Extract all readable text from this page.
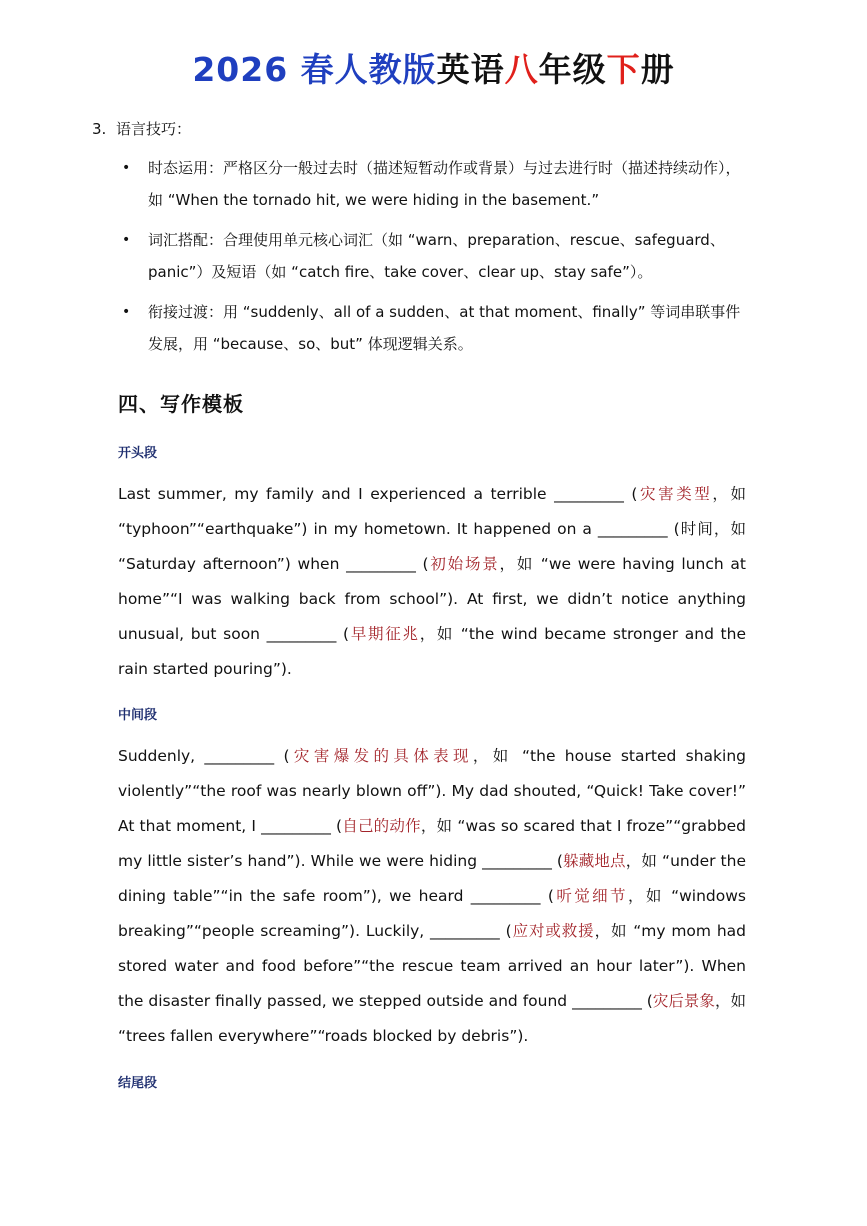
2026 春人教版英语八年级下册
3. 语言技巧：
• 时态运用：严格区分一般过去时（描述短暂动作或背景）与过去进行时（描述持续动作），如 “When the tornado hit, we were hiding in the basement.”
• 词汇搭配：合理使用单元核心词汇（如 “warn、preparation、rescue、safeguard、panic”）及短语（如 “catch fire、take cover、clear up、stay safe”）。
• 衔接过渡：用 “suddenly、all of a sudden、at that moment、finally” 等词串联事件发展，用 “because、so、but” 体现逻辑关系。
四、写作模板
开头段
Last summer, my family and I experienced a terrible _________ (灾害类型，如 “typhoon”“earthquake”) in my hometown. It happened on a _________ (时间，如 “Saturday afternoon”) when _________ (初始场景，如 “we were having lunch at home”“I was walking back from school”). At first, we didn’t notice anything unusual, but soon _________ (早期征兆，如 “the wind became stronger and the rain started pouring”).
中间段
Suddenly, _________ (灾害爆发的具体表现，如 “the house started shaking violently”“the roof was nearly blown off”). My dad shouted, “Quick! Take cover!” At that moment, I _________ (自己的动作，如 “was so scared that I froze”“grabbed my little sister’s hand”). While we were hiding _________ (躲藏地点，如 “under the dining table”“in the safe room”), we heard _________ (听觉细节，如 “windows breaking”“people screaming”). Luckily, _________ (应对或救援，如 “my mom had stored water and food before”“the rescue team arrived an hour later”). When the disaster finally passed, we stepped outside and found _________ (灾后景象，如 “trees fallen everywhere”“roads blocked by debris”).
结尾段
